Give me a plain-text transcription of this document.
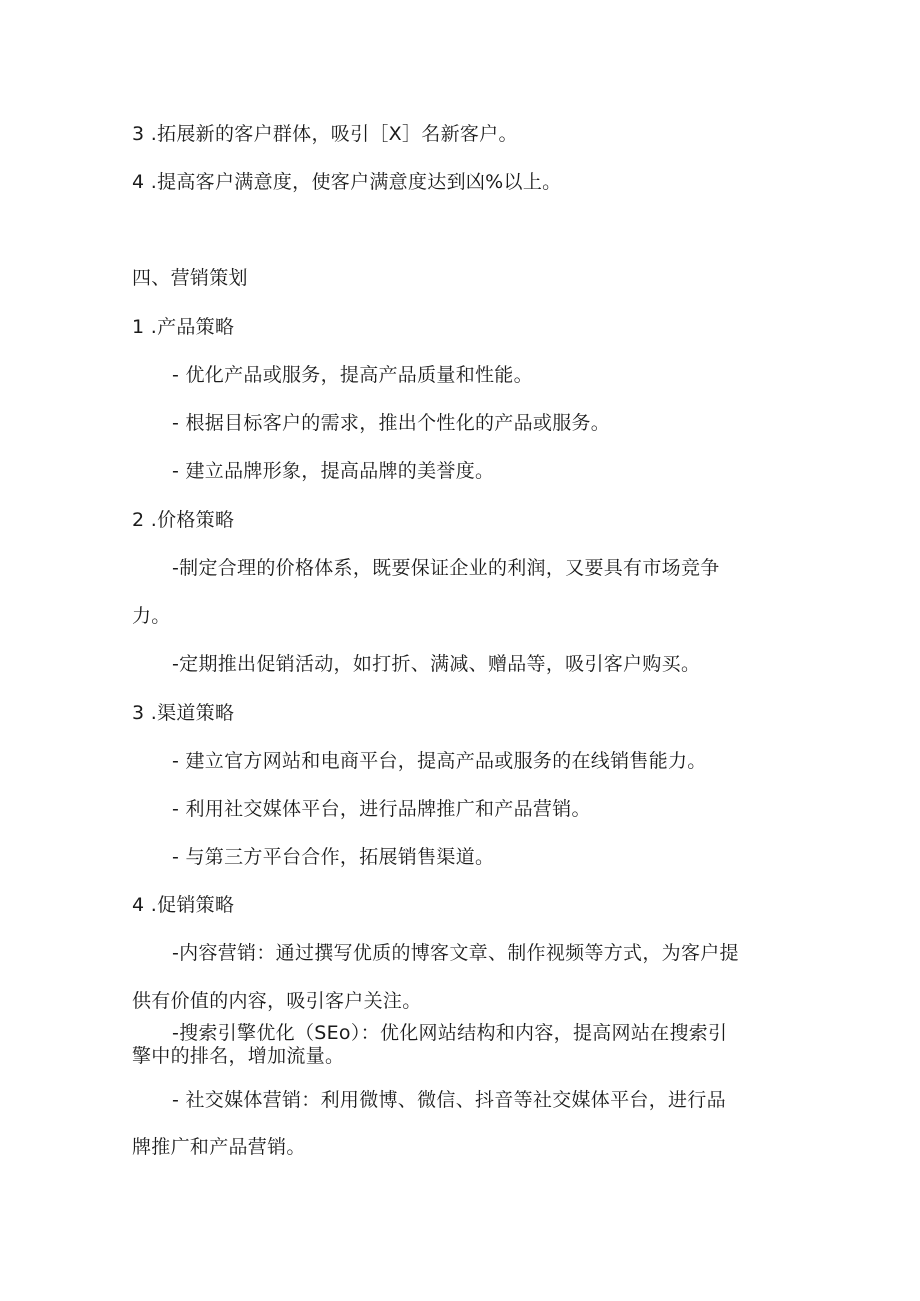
3 .拓展新的客户群体，吸引［X］名新客户。
4 .提高客户满意度，使客户满意度达到凶%以上。
四、营销策划
1 .产品策略
- 优化产品或服务，提高产品质量和性能。
- 根据目标客户的需求，推出个性化的产品或服务。
- 建立品牌形象，提高品牌的美誉度。
2 .价格策略
-制定合理的价格体系，既要保证企业的利润，又要具有市场竞争
力。
-定期推出促销活动，如打折、满减、赠品等，吸引客户购买。
3 .渠道策略
- 建立官方网站和电商平台，提高产品或服务的在线销售能力。
- 利用社交媒体平台，进行品牌推广和产品营销。
- 与第三方平台合作，拓展销售渠道。
4 .促销策略
-内容营销：通过撰写优质的博客文章、制作视频等方式，为客户提
供有价值的内容，吸引客户关注。
-搜索引擎优化（SEo）：优化网站结构和内容，提高网站在搜索引
擎中的排名，增加流量。
- 社交媒体营销：利用微博、微信、抖音等社交媒体平台，进行品
牌推广和产品营销。
